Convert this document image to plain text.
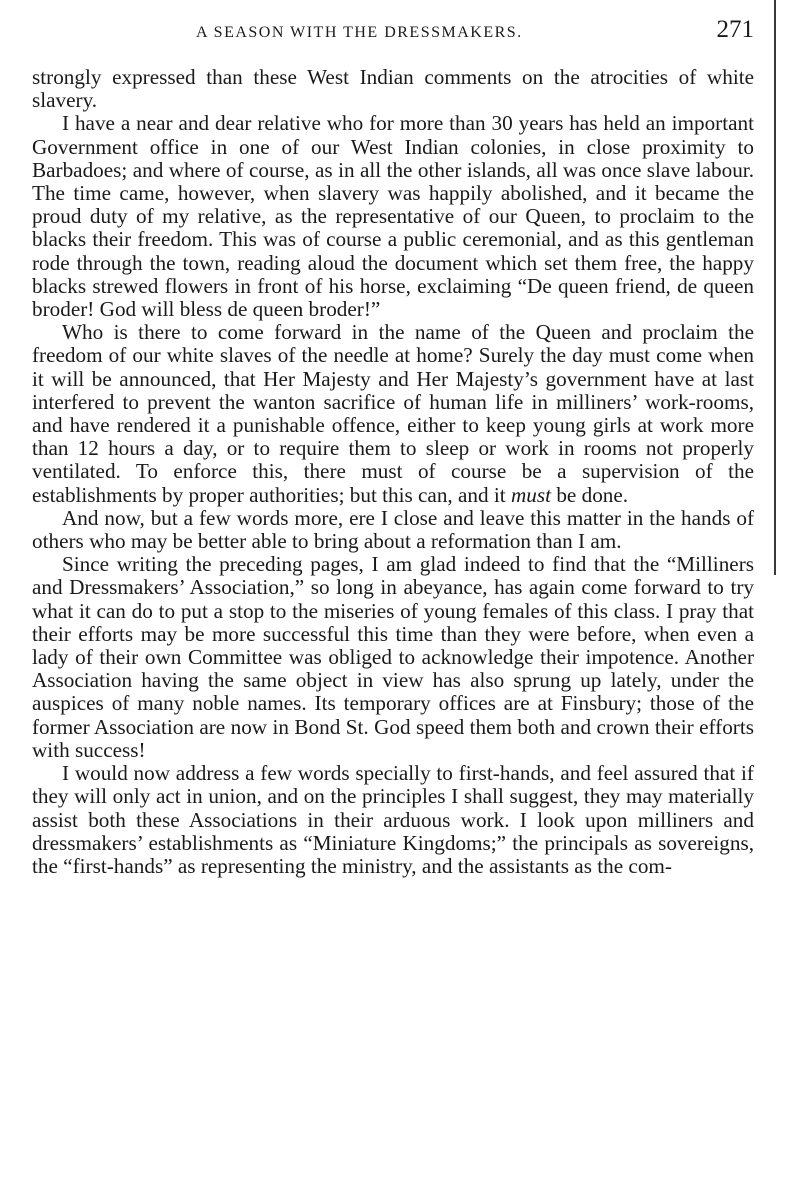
A SEASON WITH THE DRESSMAKERS.	271

strongly expressed than these West Indian comments on the atrocities of white slavery.

I have a near and dear relative who for more than 30 years has held an important Government office in one of our West Indian colonies, in close proximity to Barbadoes; and where of course, as in all the other islands, all was once slave labour. The time came, however, when slavery was happily abolished, and it became the proud duty of my relative, as the representative of our Queen, to proclaim to the blacks their freedom. This was of course a public ceremonial, and as this gentleman rode through the town, reading aloud the document which set them free, the happy blacks strewed flowers in front of his horse, exclaiming “De queen friend, de queen broder! God will bless de queen broder!”

Who is there to come forward in the name of the Queen and proclaim the freedom of our white slaves of the needle at home? Surely the day must come when it will be announced, that Her Majesty and Her Majesty’s government have at last interfered to prevent the wanton sacrifice of human life in milliners’ work-rooms, and have rendered it a punishable offence, either to keep young girls at work more than 12 hours a day, or to require them to sleep or work in rooms not properly ventilated. To enforce this, there must of course be a supervision of the establishments by proper authorities; but this can, and it must be done.

And now, but a few words more, ere I close and leave this matter in the hands of others who may be better able to bring about a reformation than I am.

Since writing the preceding pages, I am glad indeed to find that the “Milliners and Dressmakers’ Association,” so long in abeyance, has again come forward to try what it can do to put a stop to the miseries of young females of this class. I pray that their efforts may be more successful this time than they were before, when even a lady of their own Committee was obliged to acknowledge their impotence. Another Association having the same object in view has also sprung up lately, under the auspices of many noble names. Its temporary offices are at Finsbury; those of the former Association are now in Bond St. God speed them both and crown their efforts with success!

I would now address a few words specially to first-hands, and feel assured that if they will only act in union, and on the principles I shall suggest, they may materially assist both these Associations in their arduous work. I look upon milliners and dressmakers’ establishments as “Miniature Kingdoms;” the principals as sovereigns, the “first-hands” as representing the ministry, and the assistants as the com-
